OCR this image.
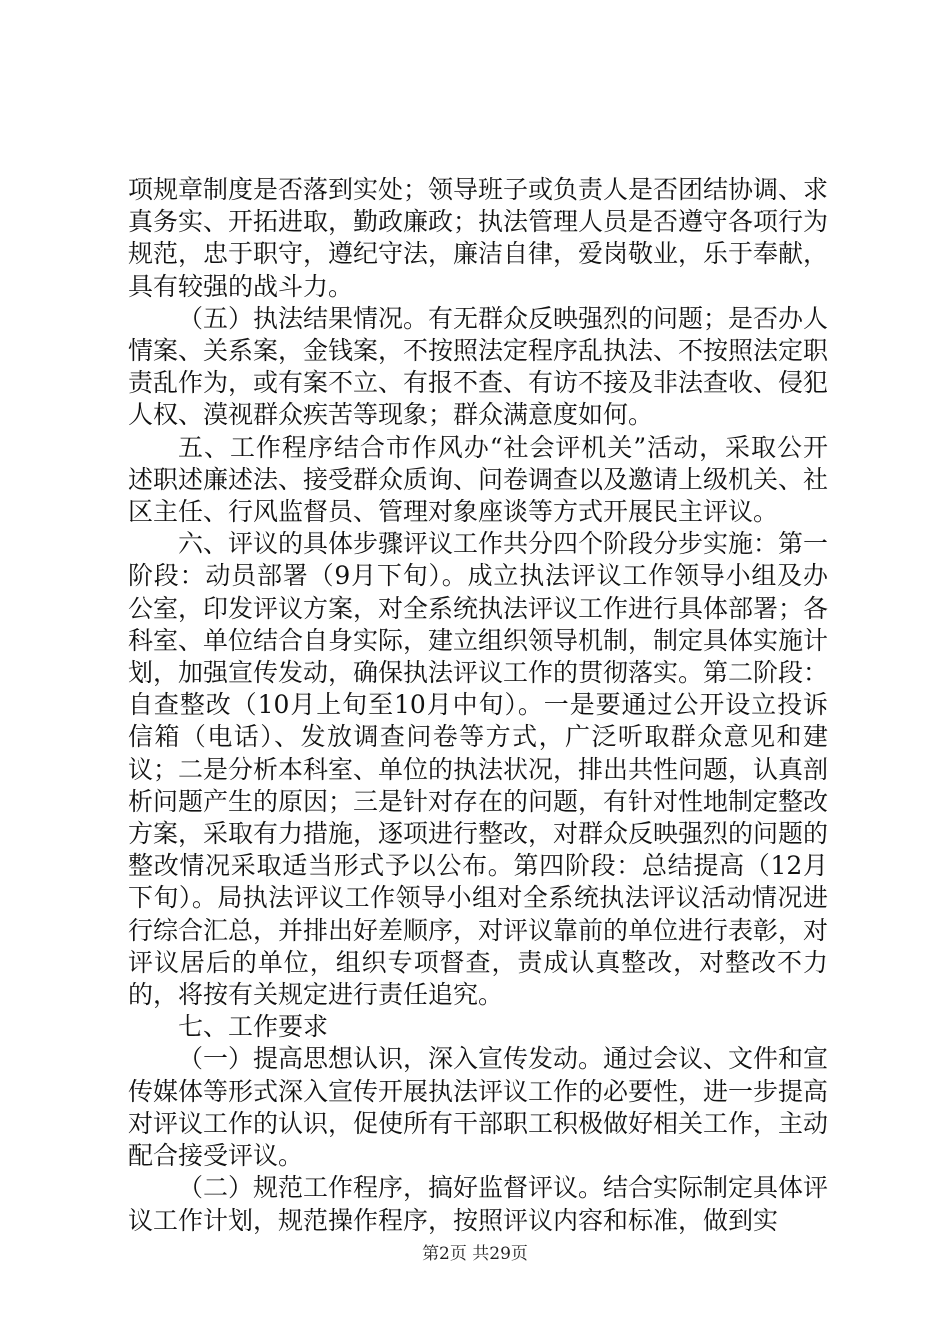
项规章制度是否落到实处；领导班子或负责人是否团结协调、求真务实、开拓进取，勤政廉政；执法管理人员是否遵守各项行为规范，忠于职守，遵纪守法，廉洁自律，爱岗敬业，乐于奉献，具有较强的战斗力。

（五）执法结果情况。有无群众反映强烈的问题；是否办人情案、关系案，金钱案，不按照法定程序乱执法、不按照法定职责乱作为，或有案不立、有报不查、有访不接及非法查收、侵犯人权、漠视群众疾苦等现象；群众满意度如何。

五、工作程序结合市作风办“社会评机关”活动，采取公开述职述廉述法、接受群众质询、问卷调查以及邀请上级机关、社区主任、行风监督员、管理对象座谈等方式开展民主评议。

六、评议的具体步骤评议工作共分四个阶段分步实施：第一阶段：动员部署（9月下旬）。成立执法评议工作领导小组及办公室，印发评议方案，对全系统执法评议工作进行具体部署；各科室、单位结合自身实际，建立组织领导机制，制定具体实施计划，加强宣传发动，确保执法评议工作的贯彻落实。第二阶段：自查整改（10月上旬至10月中旬）。一是要通过公开设立投诉信箱（电话）、发放调查问卷等方式，广泛听取群众意见和建议；二是分析本科室、单位的执法状况，排出共性问题，认真剖析问题产生的原因；三是针对存在的问题，有针对性地制定整改方案，采取有力措施，逐项进行整改，对群众反映强烈的问题的整改情况采取适当形式予以公布。第四阶段：总结提高（12月下旬）。局执法评议工作领导小组对全系统执法评议活动情况进行综合汇总，并排出好差顺序，对评议靠前的单位进行表彰，对评议居后的单位，组织专项督查，责成认真整改，对整改不力的，将按有关规定进行责任追究。

七、工作要求

（一）提高思想认识，深入宣传发动。通过会议、文件和宣传媒体等形式深入宣传开展执法评议工作的必要性，进一步提高对评议工作的认识，促使所有干部职工积极做好相关工作，主动配合接受评议。

（二）规范工作程序，搞好监督评议。结合实际制定具体评议工作计划，规范操作程序，按照评议内容和标准，做到实

第2页 共29页
